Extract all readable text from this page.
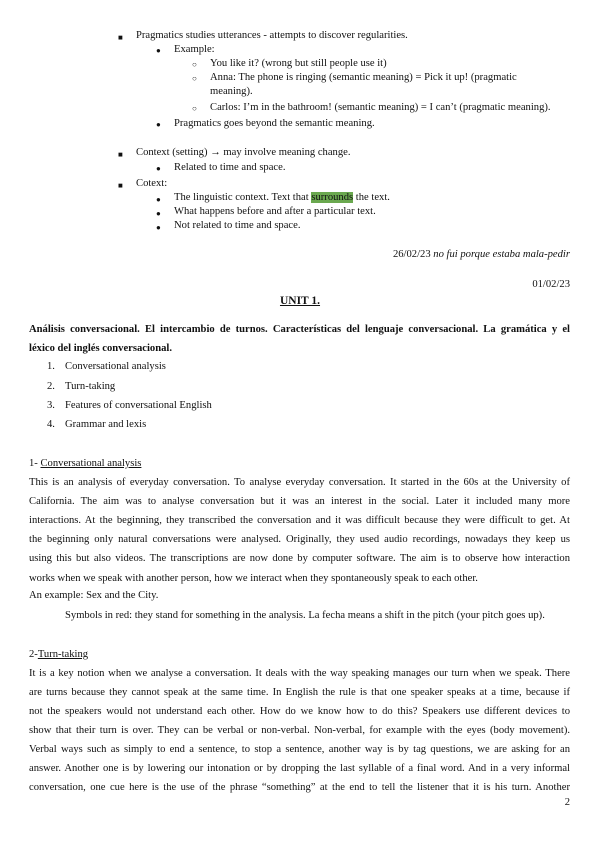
■ Pragmatics studies utterances - attempts to discover regularities.
● Example:
○ You like it? (wrong but still people use it)
○ Anna: The phone is ringing (semantic meaning) = Pick it up! (pragmatic
meaning).
○ Carlos: I’m in the bathroom! (semantic meaning) = I can’t (pragmatic meaning).
● Pragmatics goes beyond the semantic meaning.
■ Context (setting) → may involve meaning change.
● Related to time and space.
■ Cotext:
● The linguistic context. Text that surrounds the text.
● What happens before and after a particular text.
● Not related to time and space.
26/02/23 no fui porque estaba mala-pedir
01/02/23
UNIT 1.
Análisis conversacional. El intercambio de turnos. Características del lenguaje conversacional. La gramática y el
léxico del inglés conversacional.
1. Conversational analysis
2. Turn-taking
3. Features of conversational English
4. Grammar and lexis
1- Conversational analysis
This is an analysis of everyday conversation. To analyse everyday conversation. It started in the 60s at the University of
California. The aim was to analyse conversation but it was an interest in the social. Later it included many more
interactions. At the beginning, they transcribed the conversation and it was difficult because they were difficult to get. At
the beginning only natural conversations were analysed. Originally, they used audio recordings, nowadays they keep us
using this but also videos. The transcriptions are now done by computer software. The aim is to observe how interaction
works when we speak with another person, how we interact when they spontaneously speak to each other.
An example: Sex and the City.
Symbols in red: they stand for something in the analysis. La fecha means a shift in the pitch (your pitch goes up).
2-Turn-taking
It is a key notion when we analyse a conversation. It deals with the way speaking manages our turn when we speak. There
are turns because they cannot speak at the same time. In English the rule is that one speaker speaks at a time, because if
not the speakers would not understand each other. How do we know how to do this? Speakers use different devices to
show that their turn is over. They can be verbal or non-verbal. Non-verbal, for example with the eyes (body movement).
Verbal ways such as simply to end a sentence, to stop a sentence, another way is by tag questions, we are asking for an
answer. Another one is by lowering our intonation or by dropping the last syllable of a final word. And in a very informal
conversation, one cue here is the use of the phrase “something” at the end to tell the listener that it is his turn. Another
2
